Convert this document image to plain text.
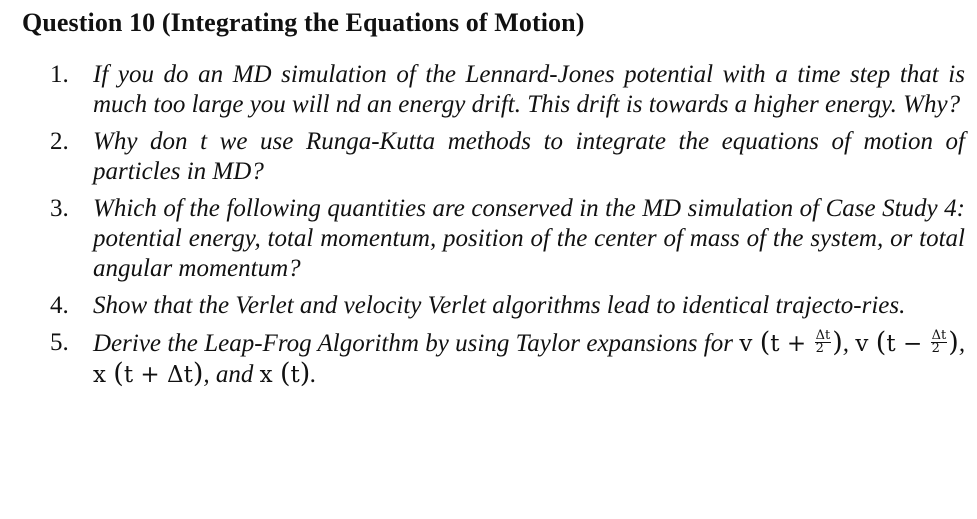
Question 10 (Integrating the Equations of Motion)
1. If you do an MD simulation of the Lennard-Jones potential with a time step that is much too large you will nd an energy drift. This drift is towards a higher energy. Why?
2. Why don t we use Runga-Kutta methods to integrate the equations of motion of particles in MD?
3. Which of the following quantities are conserved in the MD simulation of Case Study 4: potential energy, total momentum, position of the center of mass of the system, or total angular momentum?
4. Show that the Verlet and velocity Verlet algorithms lead to identical trajecto-ries.
5. Derive the Leap-Frog Algorithm by using Taylor expansions for v ($t + \frac{\Delta t}{2}$ ), v ($t - \frac{\Delta t}{2}$ ), x (t + Δt), and x (t).
